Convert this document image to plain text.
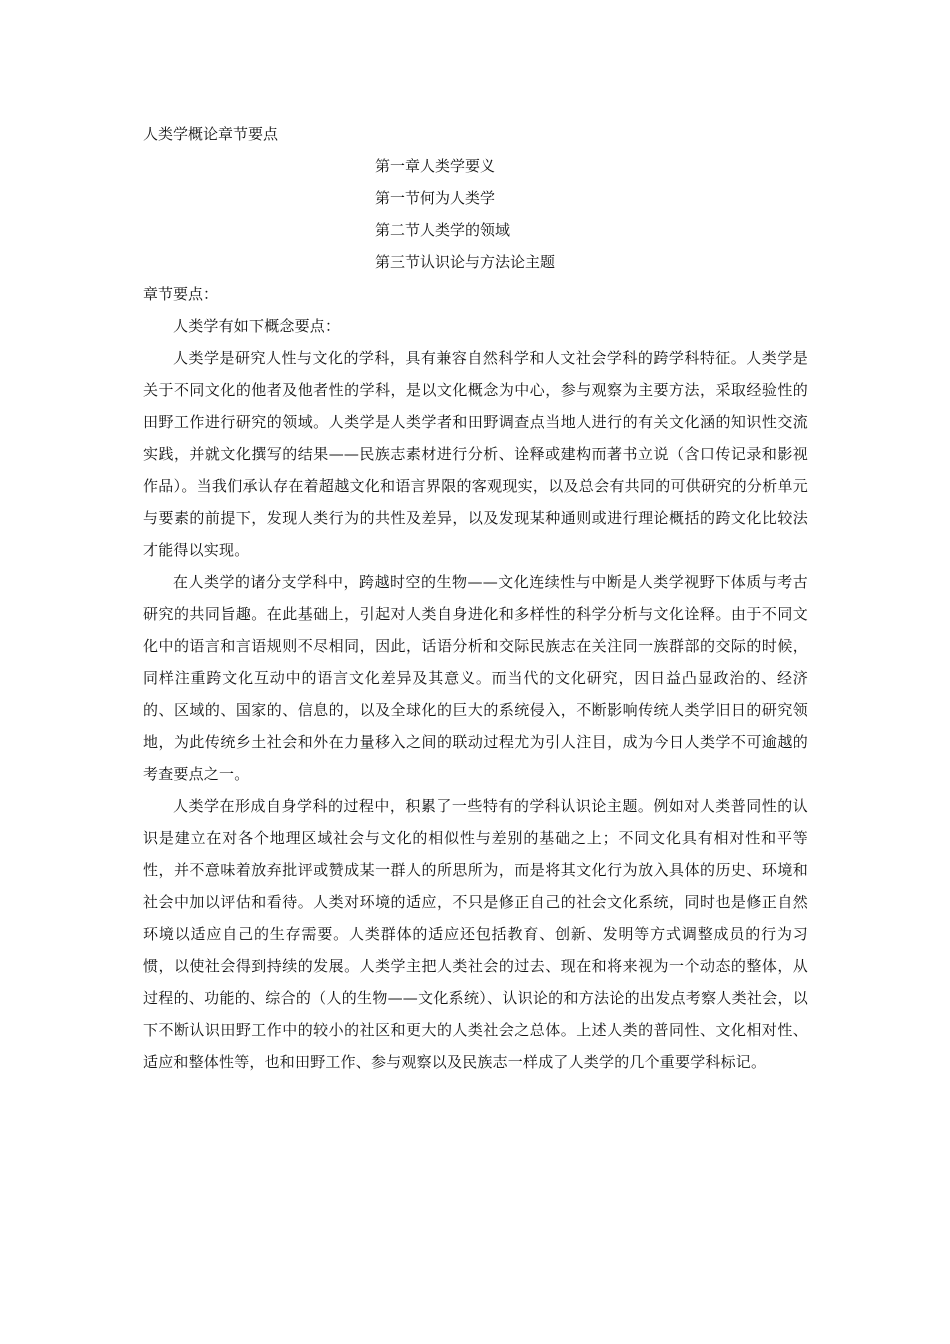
人类学概论章节要点

第一章人类学要义
第一节何为人类学
第二节人类学的领域
第三节认识论与方法论主题

章节要点：

人类学有如下概念要点：

人类学是研究人性与文化的学科，具有兼容自然科学和人文社会学科的跨学科特征。人类学是关于不同文化的他者及他者性的学科，是以文化概念为中心，参与观察为主要方法，采取经验性的田野工作进行研究的领域。人类学是人类学者和田野调查点当地人进行的有关文化涵的知识性交流实践，并就文化撰写的结果——民族志素材进行分析、诠释或建构而著书立说（含口传记录和影视作品）。当我们承认存在着超越文化和语言界限的客观现实，以及总会有共同的可供研究的分析单元与要素的前提下，发现人类行为的共性及差异，以及发现某种通则或进行理论概括的跨文化比较法才能得以实现。

在人类学的诸分支学科中，跨越时空的生物——文化连续性与中断是人类学视野下体质与考古研究的共同旨趣。在此基础上，引起对人类自身进化和多样性的科学分析与文化诠释。由于不同文化中的语言和言语规则不尽相同，因此，话语分析和交际民族志在关注同一族群部的交际的时候，同样注重跨文化互动中的语言文化差异及其意义。而当代的文化研究，因日益凸显政治的、经济的、区域的、国家的、信息的，以及全球化的巨大的系统侵入，不断影响传统人类学旧日的研究领地，为此传统乡土社会和外在力量移入之间的联动过程尤为引人注目，成为今日人类学不可逾越的考查要点之一。

人类学在形成自身学科的过程中，积累了一些特有的学科认识论主题。例如对人类普同性的认识是建立在对各个地理区域社会与文化的相似性与差别的基础之上；不同文化具有相对性和平等性，并不意味着放弃批评或赞成某一群人的所思所为，而是将其文化行为放入具体的历史、环境和社会中加以评估和看待。人类对环境的适应，不只是修正自己的社会文化系统，同时也是修正自然环境以适应自己的生存需要。人类群体的适应还包括教育、创新、发明等方式调整成员的行为习惯，以使社会得到持续的发展。人类学主把人类社会的过去、现在和将来视为一个动态的整体，从过程的、功能的、综合的（人的生物——文化系统）、认识论的和方法论的出发点考察人类社会，以下不断认识田野工作中的较小的社区和更大的人类社会之总体。上述人类的普同性、文化相对性、适应和整体性等，也和田野工作、参与观察以及民族志一样成了人类学的几个重要学科标记。
